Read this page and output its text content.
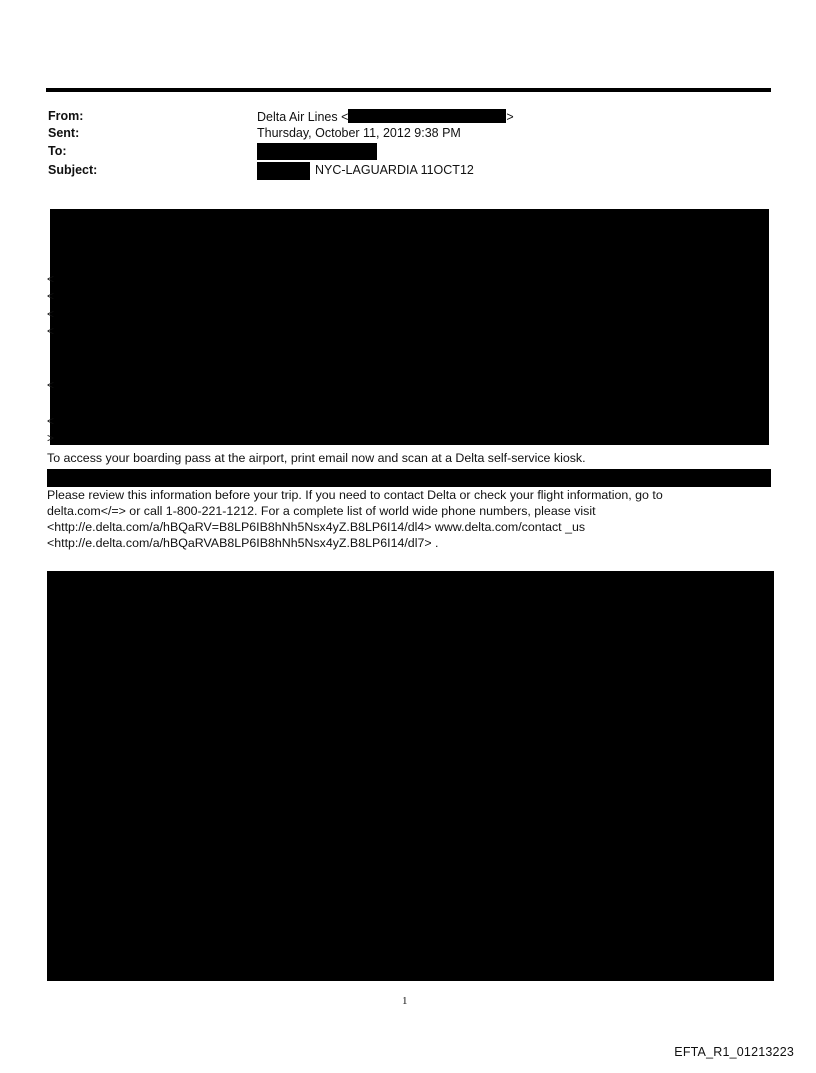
From:	Delta Air Lines <	>
Sent:	Thursday, October 11, 2012 9:38 PM
To:
Subject:	NYC-LAGUARDIA 11OCT12
<
<
<
<
<
<
>
To access your boarding pass at the airport, print email now and scan at a Delta self-service kiosk.
Please review this information before your trip. If you need to contact Delta or check your flight information, go to
delta.com</=> or call 1-800-221-1212. For a complete list of world wide phone numbers, please visit
<http://e.delta.com/a/hBQaRV=B8LP6IB8hNh5Nsx4yZ.B8LP6I14/dl4> www.delta.com/contact _us
<http://e.delta.com/a/hBQaRVAB8LP6IB8hNh5Nsx4yZ.B8LP6I14/dl7> .
1
EFTA_R1_01213223
